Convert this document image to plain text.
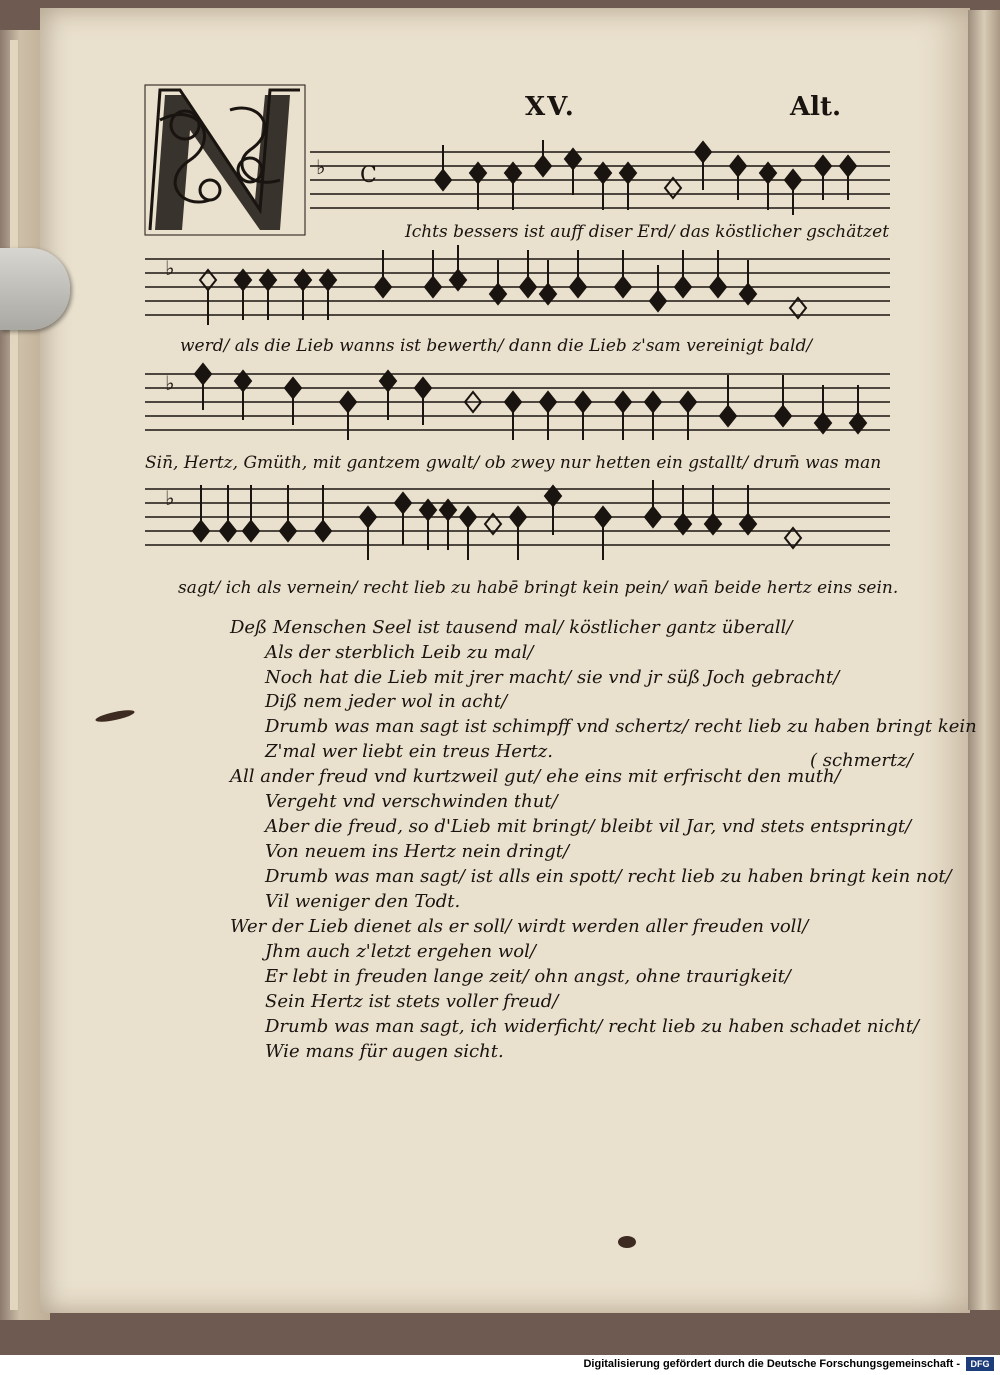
XV.	Alt.
♭ C
Ichts bessers ist auff diser Erd/ das köstlicher gschätzet
♭
werd/ als die Lieb wanns ist bewerth/ dann die Lieb z'sam vereinigt bald/
♭
Sin̄, Hertz, Gmüth, mit gantzem gwalt/ ob zwey nur hetten ein gstallt/ drum̄ was man
♭
sagt/ ich als vernein/ recht lieb zu habē bringt kein pein/ wan̄ beide hertz eins sein.
Deß Menschen Seel ist tausend mal/ köstlicher gantz überall/
Als der sterblich Leib zu mal/
Noch hat die Lieb mit jrer macht/ sie vnd jr süß Joch gebracht/
Diß nem jeder wol in acht/
Drumb was man sagt ist schimpff vnd schertz/ recht lieb zu haben bringt kein
Z'mal wer liebt ein treus Hertz.	( schmertz/
All ander freud vnd kurtzweil gut/ ehe eins mit erfrischt den muth/
Vergeht vnd verschwinden thut/
Aber die freud, so d'Lieb mit bringt/ bleibt vil Jar, vnd stets entspringt/
Von neuem ins Hertz nein dringt/
Drumb was man sagt/ ist alls ein spott/ recht lieb zu haben bringt kein not/
Vil weniger den Todt.
Wer der Lieb dienet als er soll/ wirdt werden aller freuden voll/
Jhm auch z'letzt ergehen wol/
Er lebt in freuden lange zeit/ ohn angst, ohne traurigkeit/
Sein Hertz ist stets voller freud/
Drumb was man sagt, ich widerficht/ recht lieb zu haben schadet nicht/
Wie mans für augen sicht.
Digitalisierung gefördert durch die Deutsche Forschungsgemeinschaft -	DFG
